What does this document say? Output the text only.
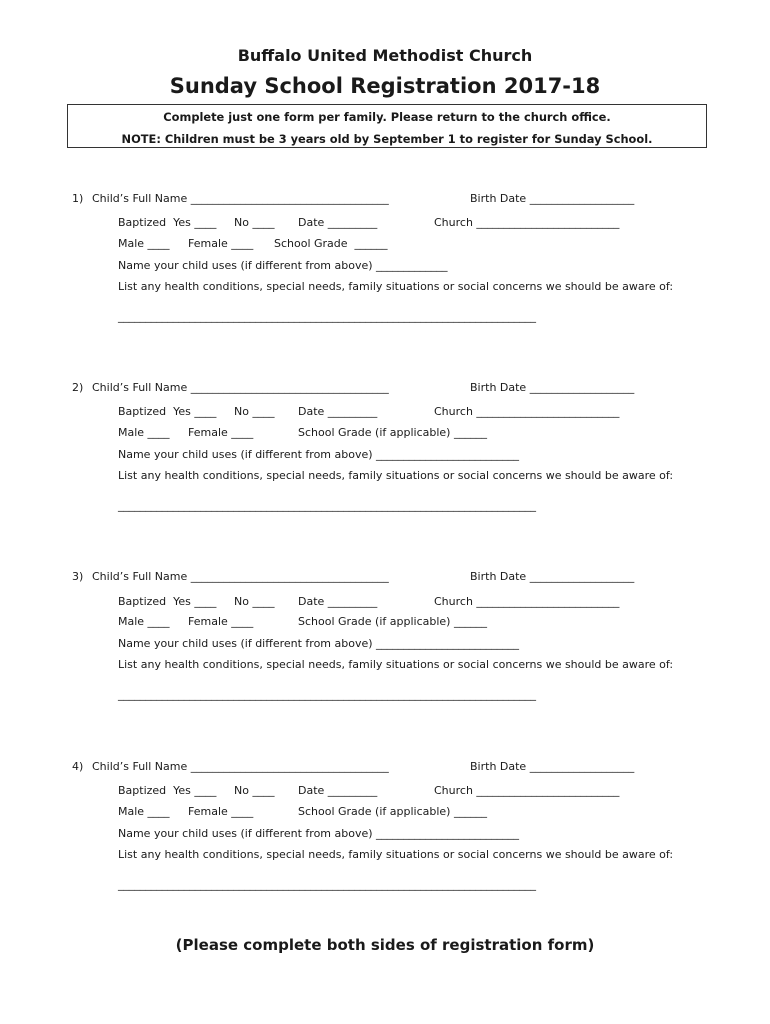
Buffalo United Methodist Church
Sunday School Registration 2017-18
Complete just one form per family. Please return to the church office.
NOTE: Children must be 3 years old by September 1 to register for Sunday School.
1) Child’s Full Name ____________________________________	Birth Date ___________________
Baptized  Yes ____ No ____ Date _________	Church __________________________
Male ____ Female ____ School Grade  ______
Name your child uses (if different from above) _____________
List any health conditions, special needs, family situations or social concerns we should be aware of:
____________________________________________________________________________
2) Child’s Full Name ____________________________________	Birth Date ___________________
Baptized  Yes ____ No ____ Date _________	Church __________________________
Male ____ Female ____	School Grade (if applicable) ______
Name your child uses (if different from above) __________________________
List any health conditions, special needs, family situations or social concerns we should be aware of:
____________________________________________________________________________
3) Child’s Full Name ____________________________________	Birth Date ___________________
Baptized  Yes ____ No ____ Date _________	Church __________________________
Male ____ Female ____	School Grade (if applicable) ______
Name your child uses (if different from above) __________________________
List any health conditions, special needs, family situations or social concerns we should be aware of:
____________________________________________________________________________
4) Child’s Full Name ____________________________________	Birth Date ___________________
Baptized  Yes ____ No ____ Date _________	Church __________________________
Male ____ Female ____	School Grade (if applicable) ______
Name your child uses (if different from above) __________________________
List any health conditions, special needs, family situations or social concerns we should be aware of:
____________________________________________________________________________
(Please complete both sides of registration form)
